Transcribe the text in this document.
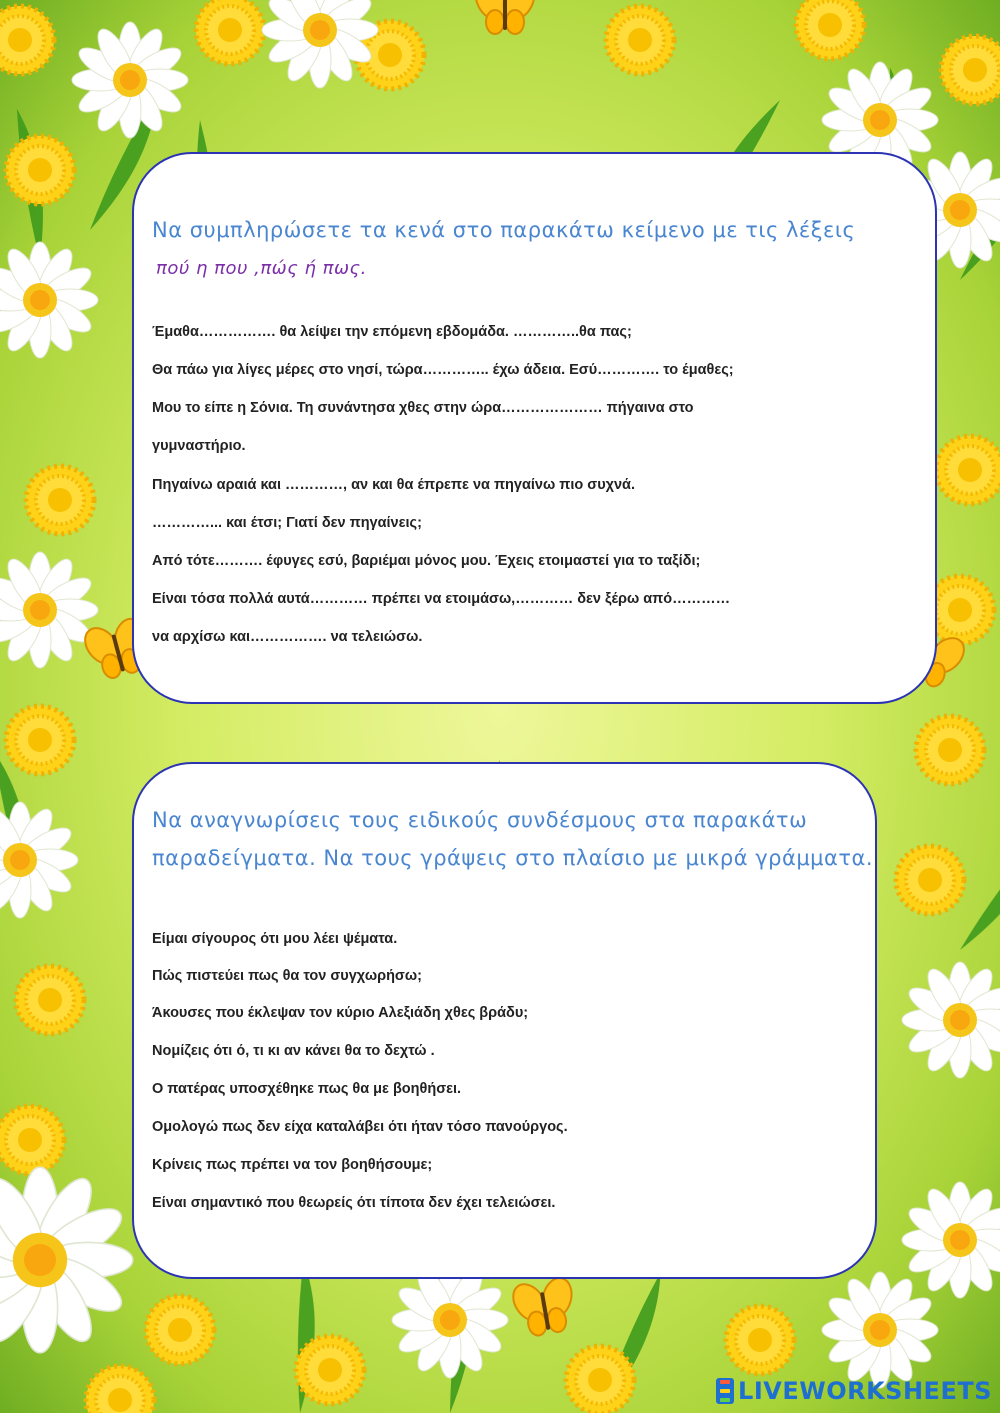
Να συμπληρώσετε τα κενά στο παρακάτω κείμενο με τις λέξεις

πού η που ,πώς ή πως.

Έμαθα……………. θα λείψει την επόμενη εβδομάδα. …………..θα πας;

Θα πάω για λίγες μέρες στο νησί, τώρα………….. έχω άδεια. Εσύ…………. το έμαθες;

Μου το είπε η Σόνια. Τη συνάντησα χθες στην ώρα………………… πήγαινα στο

γυμναστήριο.

Πηγαίνω αραιά και …………, αν και θα έπρεπε να πηγαίνω πιο συχνά.

…………... και έτσι; Γιατί δεν πηγαίνεις;

Από τότε………. έφυγες εσύ, βαριέμαι μόνος μου. Έχεις ετοιμαστεί για το ταξίδι;

Είναι τόσα πολλά αυτά………… πρέπει να ετοιμάσω,………… δεν ξέρω από…………

να αρχίσω και……………. να τελειώσω.

Να αναγνωρίσεις τους ειδικούς συνδέσμους στα παρακάτω

παραδείγματα. Να τους γράψεις στο πλαίσιο με μικρά γράμματα.

Είμαι σίγουρος ότι μου λέει ψέματα.

Πώς πιστεύει πως θα τον συγχωρήσω;

Άκουσες που έκλεψαν τον κύριο Αλεξιάδη χθες βράδυ;

Νομίζεις ότι ό, τι κι αν κάνει θα το δεχτώ .

Ο πατέρας υποσχέθηκε πως θα με βοηθήσει.

Ομολογώ πως δεν είχα καταλάβει ότι ήταν τόσο πανούργος.

Κρίνεις πως πρέπει να τον βοηθήσουμε;

Είναι σημαντικό που θεωρείς ότι τίποτα δεν έχει τελειώσει.

LIVEWORKSHEETS
